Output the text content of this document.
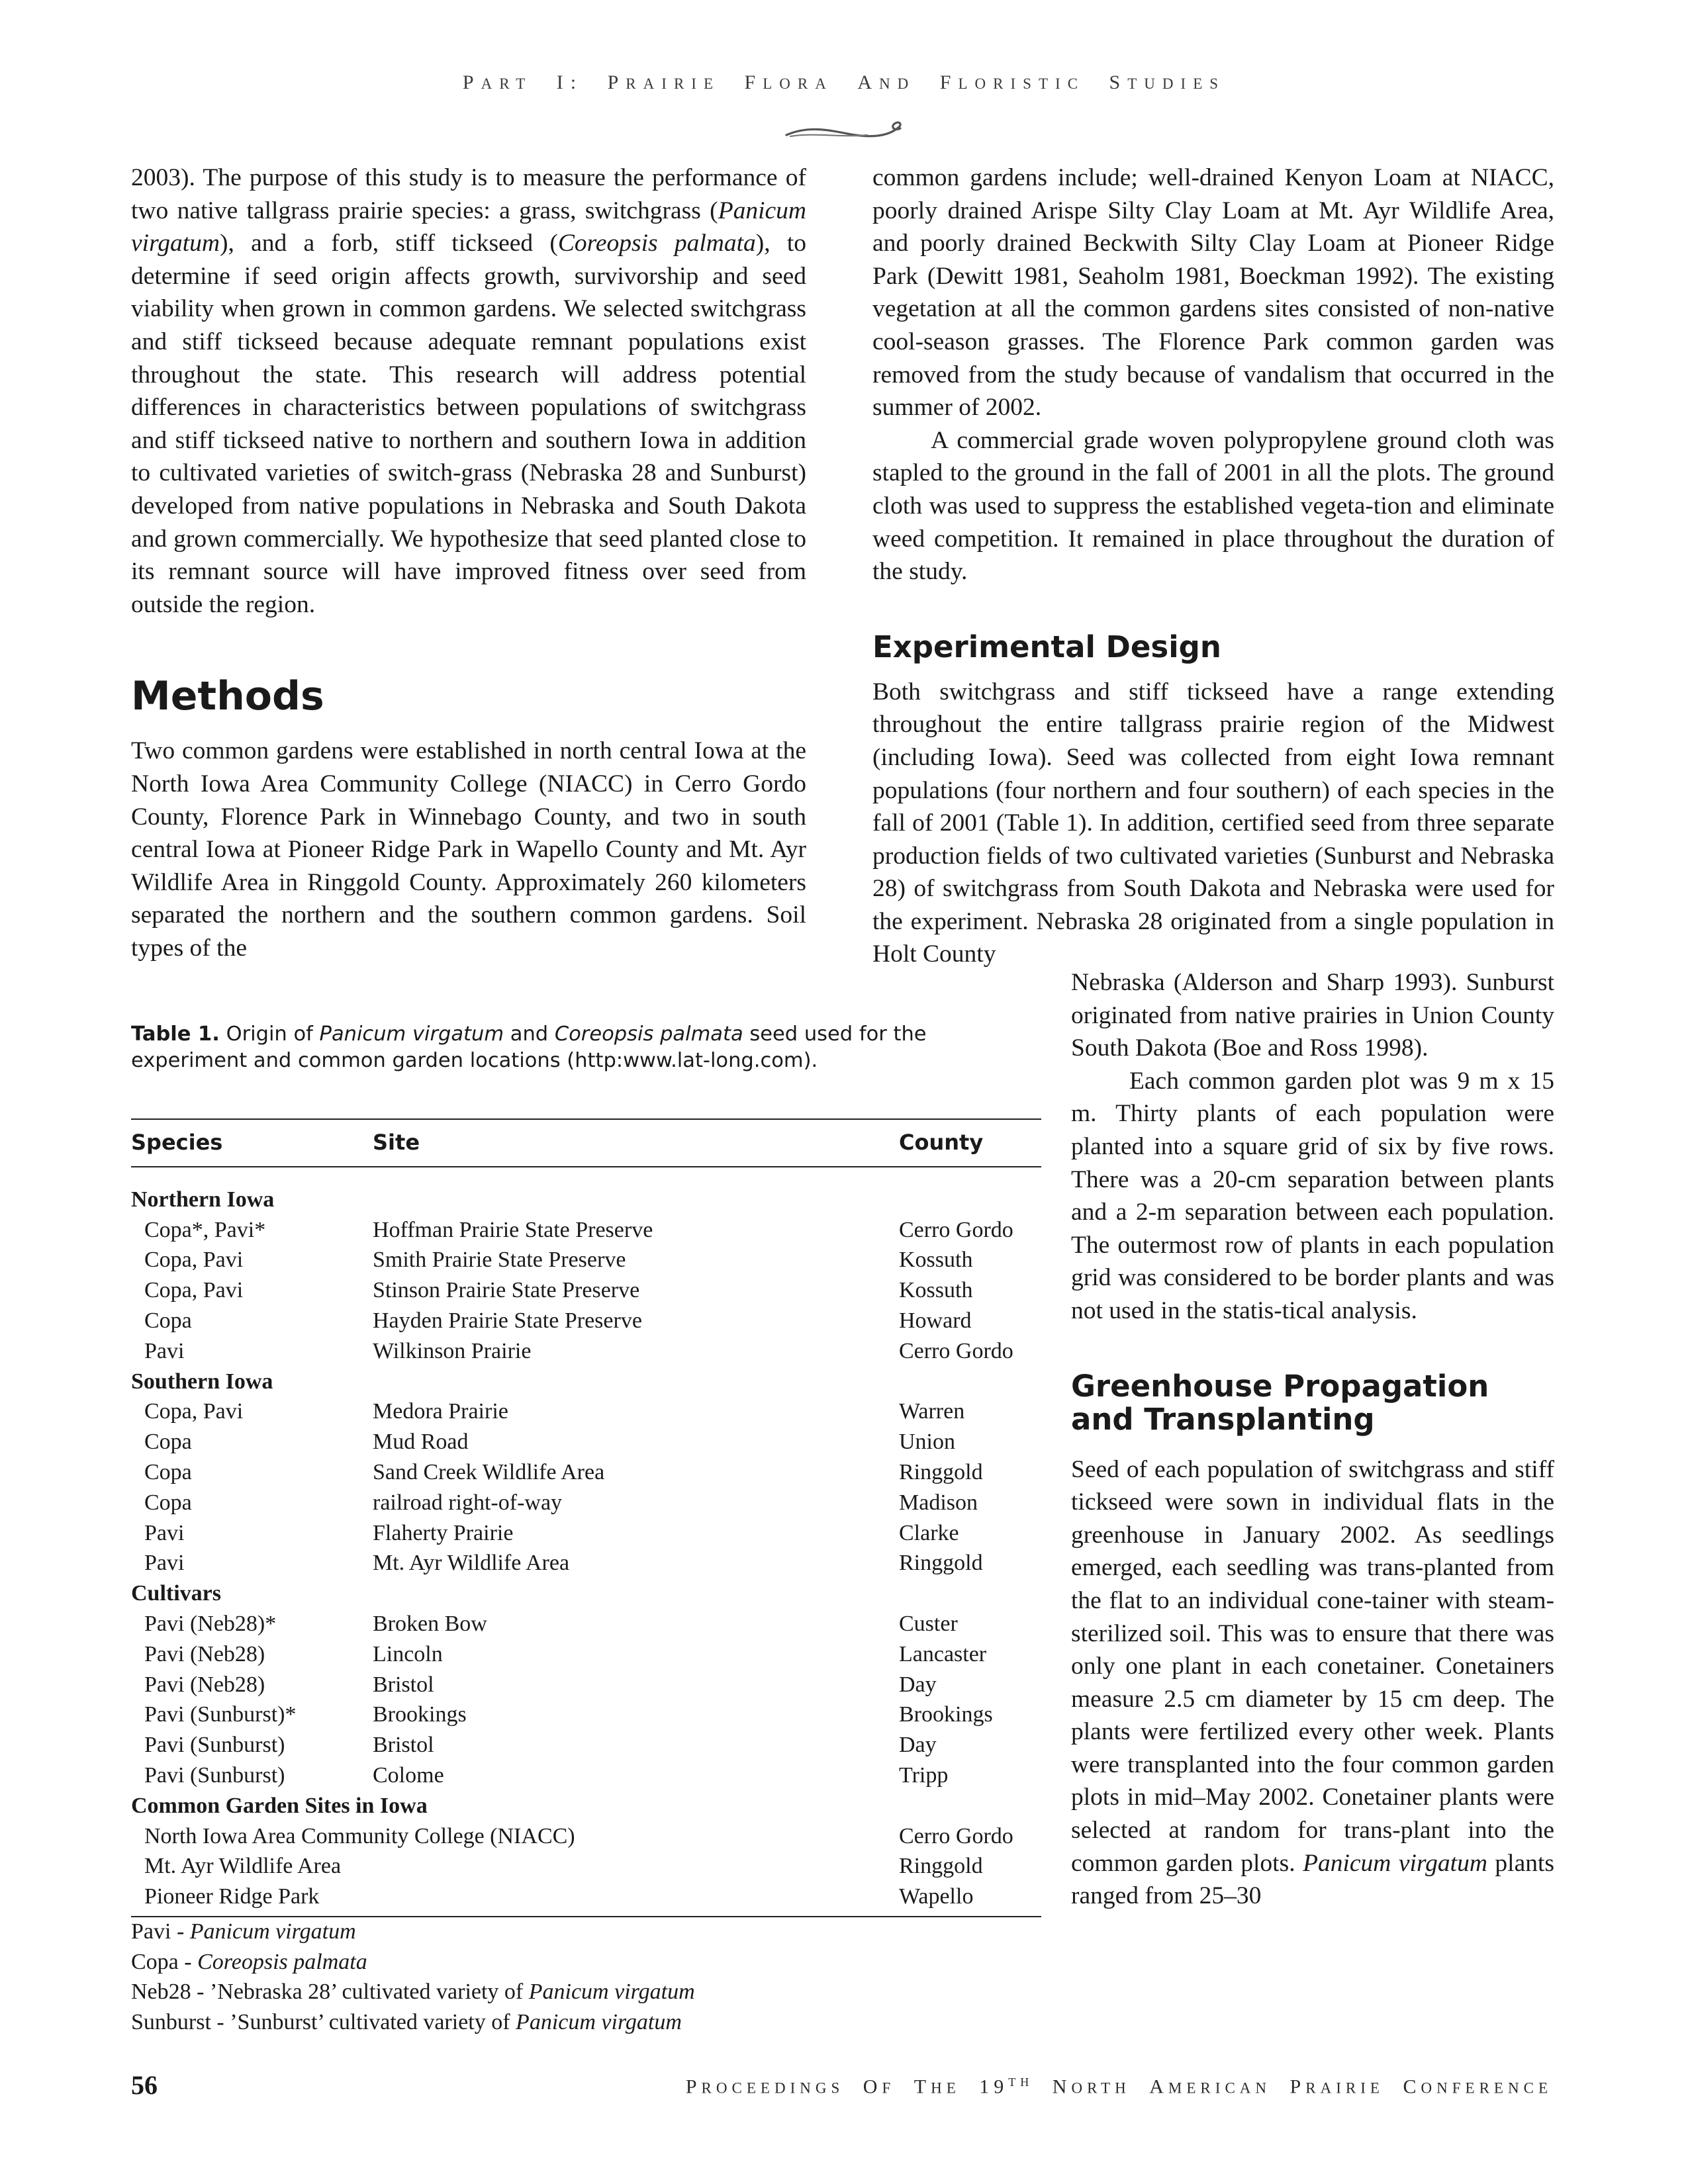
PART I: PRAIRIE FLORA AND FLORISTIC STUDIES

2003). The purpose of this study is to measure the performance of two native tallgrass prairie species: a grass, switchgrass (Panicum virgatum), and a forb, stiff tickseed (Coreopsis palmata), to determine if seed origin affects growth, survivorship and seed viability when grown in common gardens. We selected switchgrass and stiff tickseed because adequate remnant populations exist throughout the state. This research will address potential differences in characteristics between populations of switchgrass and stiff tickseed native to northern and southern Iowa in addition to cultivated varieties of switch-grass (Nebraska 28 and Sunburst) developed from native populations in Nebraska and South Dakota and grown commercially. We hypothesize that seed planted close to its remnant source will have improved fitness over seed from outside the region.

Methods

Two common gardens were established in north central Iowa at the North Iowa Area Community College (NIACC) in Cerro Gordo County, Florence Park in Winnebago County, and two in south central Iowa at Pioneer Ridge Park in Wapello County and Mt. Ayr Wildlife Area in Ringgold County. Approximately 260 kilometers separated the northern and the southern common gardens. Soil types of the

common gardens include; well-drained Kenyon Loam at NIACC, poorly drained Arispe Silty Clay Loam at Mt. Ayr Wildlife Area, and poorly drained Beckwith Silty Clay Loam at Pioneer Ridge Park (Dewitt 1981, Seaholm 1981, Boeckman 1992). The existing vegetation at all the common gardens sites consisted of non-native cool-season grasses. The Florence Park common garden was removed from the study because of vandalism that occurred in the summer of 2002.

A commercial grade woven polypropylene ground cloth was stapled to the ground in the fall of 2001 in all the plots. The ground cloth was used to suppress the established vegeta-tion and eliminate weed competition. It remained in place throughout the duration of the study.

Experimental Design

Both switchgrass and stiff tickseed have a range extending throughout the entire tallgrass prairie region of the Midwest (including Iowa). Seed was collected from eight Iowa remnant populations (four northern and four southern) of each species in the fall of 2001 (Table 1). In addition, certified seed from three separate production fields of two cultivated varieties (Sunburst and Nebraska 28) of switchgrass from South Dakota and Nebraska were used for the experiment. Nebraska 28 originated from a single population in Holt County

Nebraska (Alderson and Sharp 1993). Sunburst originated from native prairies in Union County South Dakota (Boe and Ross 1998).

Each common garden plot was 9 m x 15 m. Thirty plants of each population were planted into a square grid of six by five rows. There was a 20-cm separation between plants and a 2-m separation between each population. The outermost row of plants in each population grid was considered to be border plants and was not used in the statis-tical analysis.

Greenhouse Propagation and Transplanting

Seed of each population of switchgrass and stiff tickseed were sown in individual flats in the greenhouse in January 2002. As seedlings emerged, each seedling was trans-planted from the flat to an individual cone-tainer with steam-sterilized soil. This was to ensure that there was only one plant in each conetainer. Conetainers measure 2.5 cm diameter by 15 cm deep. The plants were fertilized every other week. Plants were transplanted into the four common garden plots in mid–May 2002. Conetainer plants were selected at random for trans-plant into the common garden plots. Panicum virgatum plants ranged from 25–30

Table 1. Origin of Panicum virgatum and Coreopsis palmata seed used for the experiment and common garden locations (http:www.lat-long.com).
Species	Site	County

Northern Iowa		
Copa*, Pavi*	Hoffman Prairie State Preserve	Cerro Gordo
Copa, Pavi	Smith Prairie State Preserve	Kossuth
Copa, Pavi	Stinson Prairie State Preserve	Kossuth
Copa	Hayden Prairie State Preserve	Howard
Pavi	Wilkinson Prairie	Cerro Gordo
Southern Iowa		
Copa, Pavi	Medora Prairie	Warren
Copa	Mud Road	Union
Copa	Sand Creek Wildlife Area	Ringgold
Copa	railroad right-of-way	Madison
Pavi	Flaherty Prairie	Clarke
Pavi	Mt. Ayr Wildlife Area	Ringgold
Cultivars		
Pavi (Neb28)*	Broken Bow	Custer
Pavi (Neb28)	Lincoln	Lancaster
Pavi (Neb28)	Bristol	Day
Pavi (Sunburst)*	Brookings	Brookings
Pavi (Sunburst)	Bristol	Day
Pavi (Sunburst)	Colome	Tripp
Common Garden Sites in Iowa		
North Iowa Area Community College (NIACC)		Cerro Gordo
Mt. Ayr Wildlife Area		Ringgold
Pioneer Ridge Park		Wapello
Pavi - Panicum virgatum
Copa - Coreopsis palmata
Neb28 - ’Nebraska 28’ cultivated variety of Panicum virgatum
Sunburst - ’Sunburst’ cultivated variety of Panicum virgatum
56	PROCEEDINGS OF THE 19TH NORTH AMERICAN PRAIRIE CONFERENCE
